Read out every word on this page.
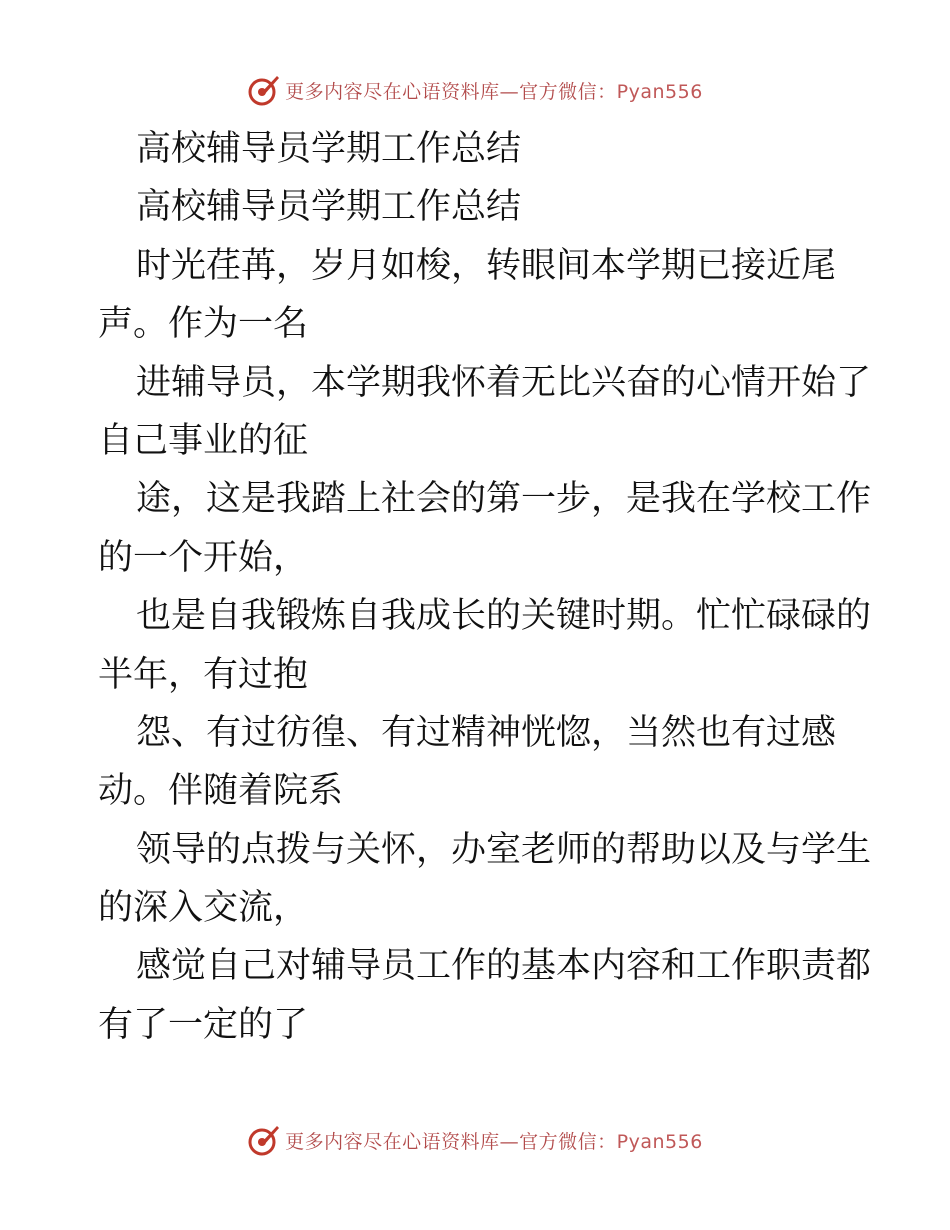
更多内容尽在心语资料库—官方微信：Pyan556
高校辅导员学期工作总结
高校辅导员学期工作总结
时光荏苒，岁月如梭，转眼间本学期已接近尾
声。作为一名
进辅导员，本学期我怀着无比兴奋的心情开始了
自己事业的征
途，这是我踏上社会的第一步，是我在学校工作
的一个开始，
也是自我锻炼自我成长的关键时期。忙忙碌碌的
半年，有过抱
怨、有过彷徨、有过精神恍惚，当然也有过感
动。伴随着院系
领导的点拨与关怀，办室老师的帮助以及与学生
的深入交流，
感觉自己对辅导员工作的基本内容和工作职责都
有了一定的了
更多内容尽在心语资料库—官方微信：Pyan556
